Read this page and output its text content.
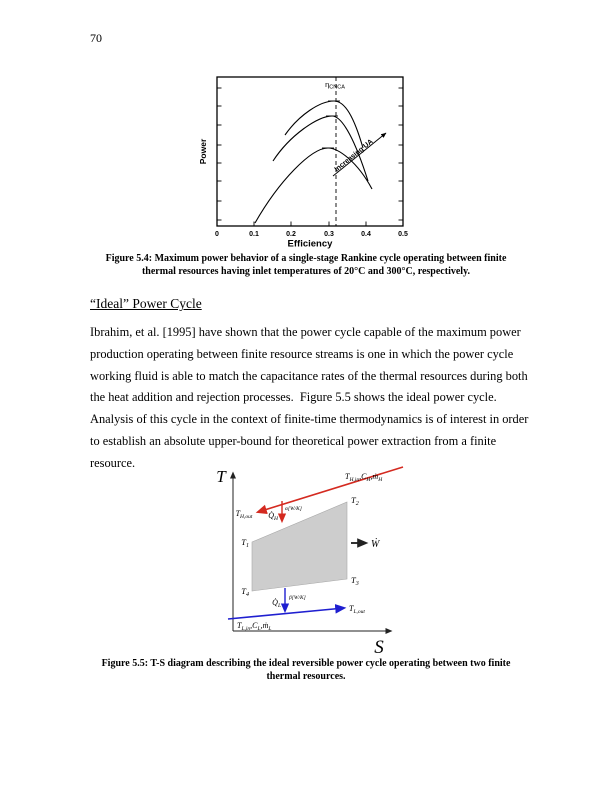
70
0	0.1	0.2	0.3	0.4	0.5
Efficiency
Power
$\eta_{CNCA}$
Increasing UA
Figure 5.4: Maximum power behavior of a single-stage Rankine cycle operating between finite
thermal resources having inlet temperatures of 20°C and 300°C, respectively.
“Ideal” Power Cycle
Ibrahim, et al. [1995] have shown that the power cycle capable of the maximum power
production operating between finite resource streams is one in which the power cycle
working fluid is able to match the capacitance rates of the thermal resources during both
the heat addition and rejection processes.  Figure 5.5 shows the ideal power cycle.
Analysis of this cycle in the context of finite-time thermodynamics is of interest in order
to establish an absolute upper-bound for theoretical power extraction from a finite
resource.
T
S
$T_{H,in},C_H,ṁ_H$
$T_{H,out}$ $Q̇_H$
α[W/K]
Ẇ
$T_1$
$T_2$
$T_3$
$T_4$
$Q̇_L$
β[W/K]
$T_{L,out}$
$T_{L,in},C_L,ṁ_L$
Figure 5.5: T-S diagram describing the ideal reversible power cycle operating between two finite
thermal resources.
